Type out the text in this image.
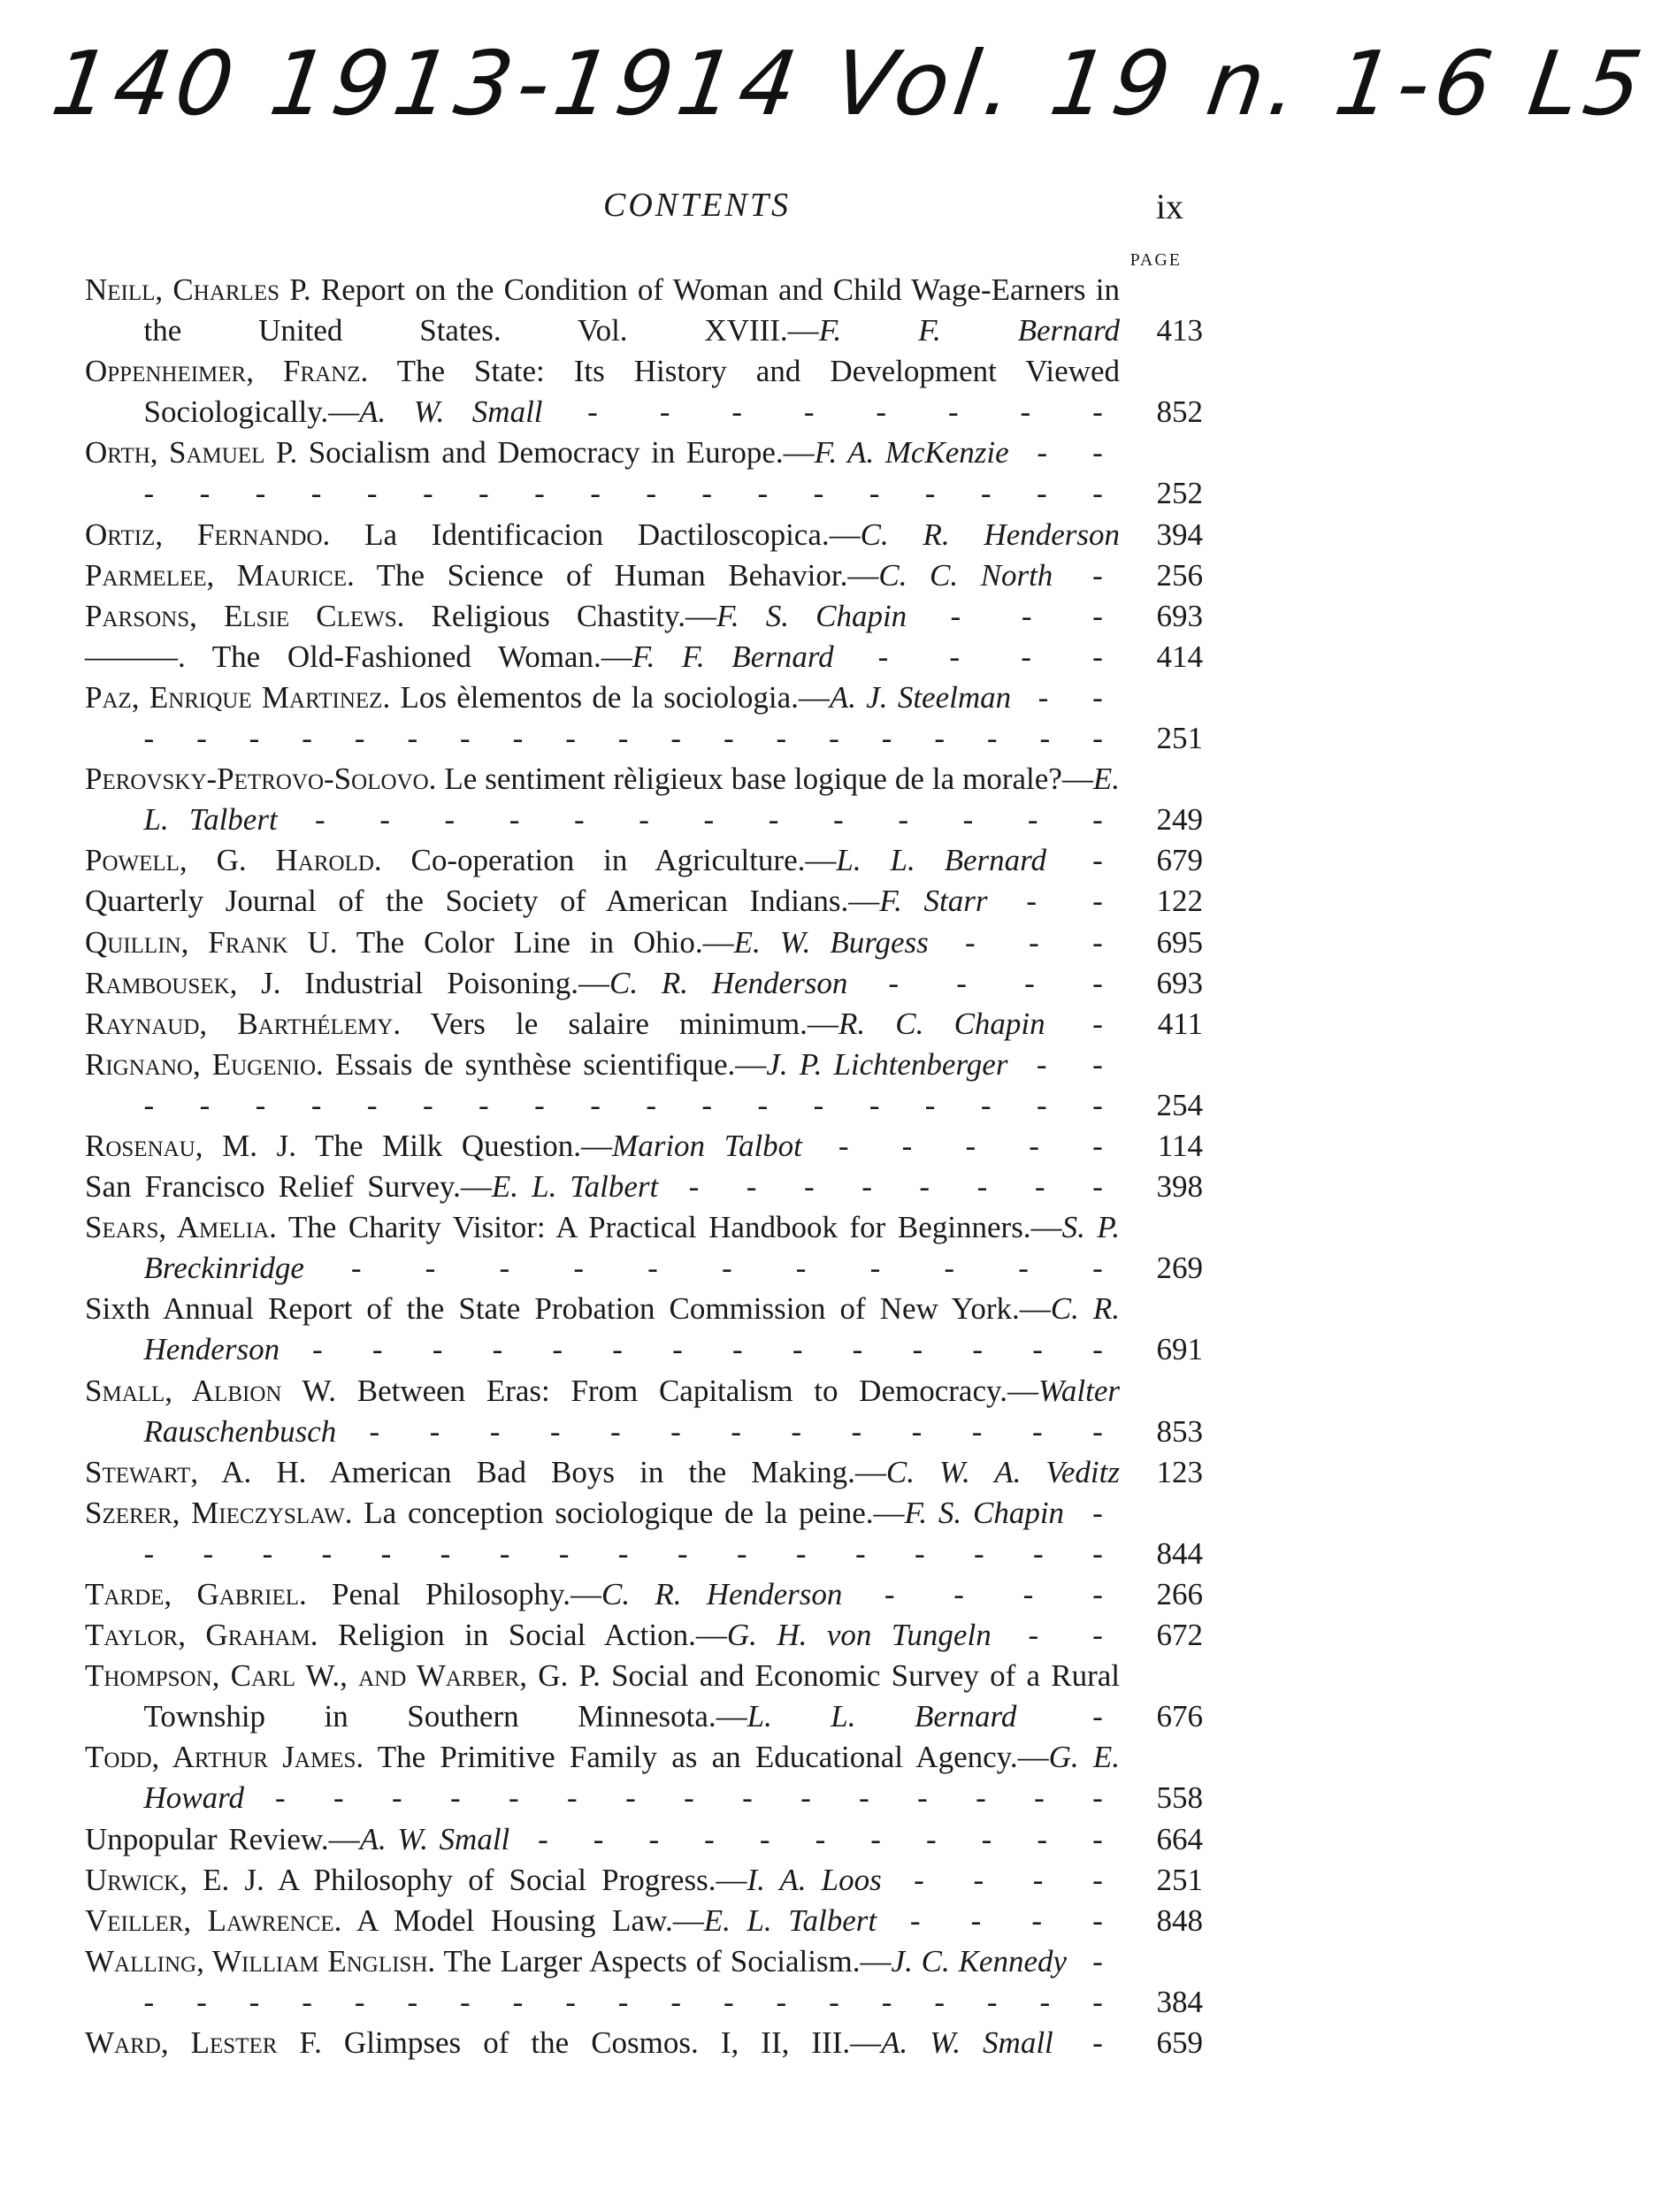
140 1913-1914 Vol. 19 n. 1-6 L5
CONTENTS	ix
PAGE
Neill, Charles P. Report on the Condition of Woman and Child Wage-Earners in the United States. Vol. XVIII.—F. F. Bernard	413
Oppenheimer, Franz. The State: Its History and Development Viewed Sociologically.—A. W. Small - - - - - - - -	852
Orth, Samuel P. Socialism and Democracy in Europe.—F. A. McKenzie - - - - - - - - - - - - - - - - - - - -	252
Ortiz, Fernando. La Identificacion Dactiloscopica.—C. R. Henderson	394
Parmelee, Maurice. The Science of Human Behavior.—C. C. North -	256
Parsons, Elsie Clews. Religious Chastity.—F. S. Chapin - - -	693
———. The Old-Fashioned Woman.—F. F. Bernard - - - -	414
Paz, Enrique Martinez. Los èlementos de la sociologia.—A. J. Steelman - - - - - - - - - - - - - - - - - - - - -	251
Perovsky-Petrovo-Solovo. Le sentiment rèligieux base logique de la morale?—E. L. Talbert - - - - - - - - - - - - -	249
Powell, G. Harold. Co-operation in Agriculture.—L. L. Bernard -	679
Quarterly Journal of the Society of American Indians.—F. Starr - -	122
Quillin, Frank U. The Color Line in Ohio.—E. W. Burgess - - -	695
Rambousek, J. Industrial Poisoning.—C. R. Henderson - - - -	693
Raynaud, Barthélemy. Vers le salaire minimum.—R. C. Chapin -	411
Rignano, Eugenio. Essais de synthèse scientifique.—J. P. Lichtenberger - - - - - - - - - - - - - - - - - - - -	254
Rosenau, M. J. The Milk Question.—Marion Talbot - - - - -	114
San Francisco Relief Survey.—E. L. Talbert - - - - - - - -	398
Sears, Amelia. The Charity Visitor: A Practical Handbook for Beginners.—S. P. Breckinridge - - - - - - - - - - -	269
Sixth Annual Report of the State Probation Commission of New York.—C. R. Henderson - - - - - - - - - - - - - -	691
Small, Albion W. Between Eras: From Capitalism to Democracy.—Walter Rauschenbusch - - - - - - - - - - - - -	853
Stewart, A. H. American Bad Boys in the Making.—C. W. A. Veditz	123
Szerer, Mieczyslaw. La conception sociologique de la peine.—F. S. Chapin - - - - - - - - - - - - - - - - - -	844
Tarde, Gabriel. Penal Philosophy.—C. R. Henderson - - - -	266
Taylor, Graham. Religion in Social Action.—G. H. von Tungeln - -	672
Thompson, Carl W., and Warber, G. P. Social and Economic Survey of a Rural Township in Southern Minnesota.—L. L. Bernard -	676
Todd, Arthur James. The Primitive Family as an Educational Agency.—G. E. Howard - - - - - - - - - - - - - - -	558
Unpopular Review.—A. W. Small - - - - - - - - - - -	664
Urwick, E. J. A Philosophy of Social Progress.—I. A. Loos - - - -	251
Veiller, Lawrence. A Model Housing Law.—E. L. Talbert - - - -	848
Walling, William English. The Larger Aspects of Socialism.—J. C. Kennedy - - - - - - - - - - - - - - - - - - - -	384
Ward, Lester F. Glimpses of the Cosmos. I, II, III.—A. W. Small -	659
